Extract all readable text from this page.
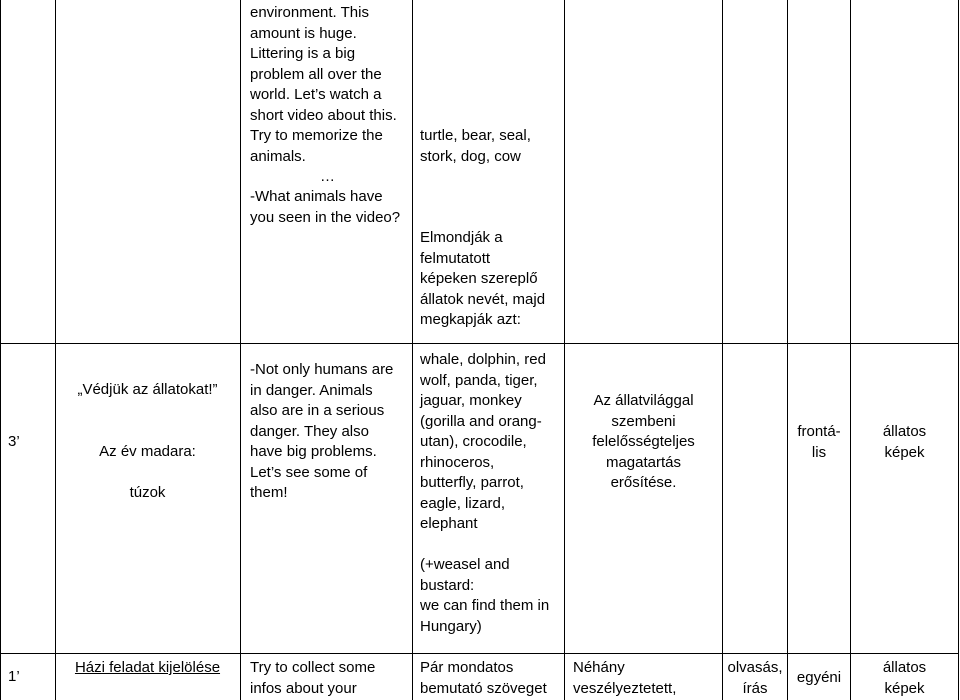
environment. This
amount is huge.
Littering is a big
problem all over the
world. Let’s watch a
short video about this.
Try to memorize the
animals.
…
-What animals have
you seen in the video?
turtle, bear, seal,
stork, dog, cow
Elmondják a
felmutatott
képeken szereplő
állatok nevét, majd
megkapják azt:
3’
„Védjük az állatokat!”
Az év madara:
túzok
-Not only humans are
in danger. Animals
also are in a serious
danger. They also
have big problems.
Let’s see some of
them!
whale, dolphin, red
wolf, panda, tiger,
jaguar, monkey
(gorilla and orang-
utan), crocodile,
rhinoceros,
butterfly, parrot,
eagle, lizard,
elephant
(+weasel and
bustard:
we can find them in
Hungary)
Az állatvilággal
szembeni
felelősségteljes
magatartás
erősítése.
frontá-
lis
állatos
képek
1’
Házi feladat kijelölése	Try to collect some
infos about your
Pár mondatos
bemutató szöveget
Néhány
veszélyeztetett,
olvasás,
írás
egyéni
állatos
képek
